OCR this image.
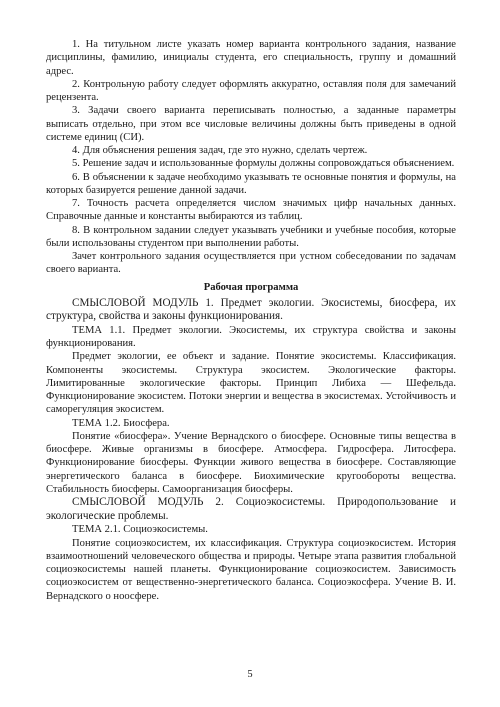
1. На титульном листе указать номер варианта контрольного задания, название дисциплины, фамилию, инициалы студента, его специальность, группу и домашний адрес.

2. Контрольную работу следует оформлять аккуратно, оставляя поля для замечаний рецензента.

3. Задачи своего варианта переписывать полностью, а заданные параметры выписать отдельно, при этом все числовые величины должны быть приведены в одной системе единиц (СИ).

4. Для объяснения решения задач, где это нужно, сделать чертеж.

5. Решение задач и использованные формулы должны сопровождаться объяснением.

6. В объяснении к задаче необходимо указывать те основные понятия и формулы, на которых базируется решение данной задачи.

7. Точность расчета определяется числом значимых цифр начальных данных. Справочные данные и константы выбираются из таблиц.

8. В контрольном задании следует указывать учебники и учебные пособия, которые были использованы студентом при выполнении работы.

Зачет контрольного задания осуществляется при устном собеседовании по задачам своего варианта.

Рабочая программа

СМЫСЛОВОЙ МОДУЛЬ 1. Предмет экологии. Экосистемы, биосфера, их структура, свойства и законы функционирования.

ТЕМА 1.1. Предмет экологии. Экосистемы, их структура свойства и законы функционирования.

Предмет экологии, ее объект и задание. Понятие экосистемы. Классификация. Компоненты экосистемы. Структура экосистем. Экологические факторы. Лимитированные экологические факторы. Принцип Либиха — Шефельда. Функционирование экосистем. Потоки энергии и вещества в экосистемах. Устойчивость и саморегуляция экосистем.

ТЕМА 1.2. Биосфера.

Понятие «биосфера». Учение Вернадского о биосфере. Основные типы вещества в биосфере. Живые организмы в биосфере. Атмосфера. Гидросфера. Литосфера. Функционирование биосферы. Функции живого вещества в биосфере. Составляющие энергетического баланса в биосфере. Биохимические кругообороты вещества. Стабильность биосферы. Самоорганизация биосферы.

СМЫСЛОВОЙ МОДУЛЬ 2. Социоэкосистемы. Природопользование и экологические проблемы.

ТЕМА 2.1. Социоэкосистемы.

Понятие социоэкосистем, их классификация. Структура социоэкосистем. История взаимоотношений человеческого общества и природы. Четыре этапа развития глобальной социоэкосистемы нашей планеты. Функционирование социоэкосистем. Зависимость социоэкосистем от вещественно-энергетического баланса. Социоэкосфера. Учение В. И. Вернадского о ноосфере.

5
